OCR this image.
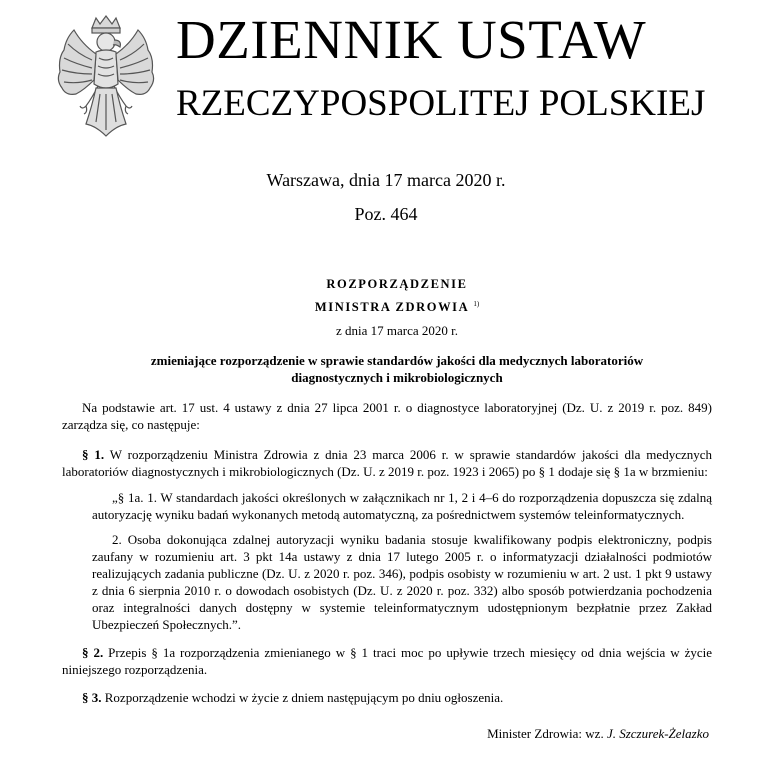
DZIENNIK USTAW
RZECZYPOSPOLITEJ POLSKIEJ
Warszawa, dnia 17 marca 2020 r.
Poz. 464
ROZPORZĄDZENIE
MINISTRA ZDROWIA $^{1)}$
z dnia 17 marca 2020 r.
zmieniające rozporządzenie w sprawie standardów jakości dla medycznych laboratoriów diagnostycznych i mikrobiologicznych

Na podstawie art. 17 ust. 4 ustawy z dnia 27 lipca 2001 r. o diagnostyce laboratoryjnej (Dz. U. z 2019 r. poz. 849) zarządza się, co następuje:

§ 1. W rozporządzeniu Ministra Zdrowia z dnia 23 marca 2006 r. w sprawie standardów jakości dla medycznych laboratoriów diagnostycznych i mikrobiologicznych (Dz. U. z 2019 r. poz. 1923 i 2065) po § 1 dodaje się § 1a w brzmieniu:

„§ 1a. 1. W standardach jakości określonych w załącznikach nr 1, 2 i 4–6 do rozporządzenia dopuszcza się zdalną autoryzację wyniku badań wykonanych metodą automatyczną, za pośrednictwem systemów teleinformatycznych.

2. Osoba dokonująca zdalnej autoryzacji wyniku badania stosuje kwalifikowany podpis elektroniczny, podpis zaufany w rozumieniu art. 3 pkt 14a ustawy z dnia 17 lutego 2005 r. o informatyzacji działalności podmiotów realizujących zadania publiczne (Dz. U. z 2020 r. poz. 346), podpis osobisty w rozumieniu w art. 2 ust. 1 pkt 9 ustawy z dnia 6 sierpnia 2010 r. o dowodach osobistych (Dz. U. z 2020 r. poz. 332) albo sposób potwierdzania pochodzenia oraz integralności danych dostępny w systemie teleinformatycznym udostępnionym bezpłatnie przez Zakład Ubezpieczeń Społecznych.”.

§ 2. Przepis § 1a rozporządzenia zmienianego w § 1 traci moc po upływie trzech miesięcy od dnia wejścia w życie niniejszego rozporządzenia.

§ 3. Rozporządzenie wchodzi w życie z dniem następującym po dniu ogłoszenia.

Minister Zdrowia: wz. J. Szczurek-Żelazko
